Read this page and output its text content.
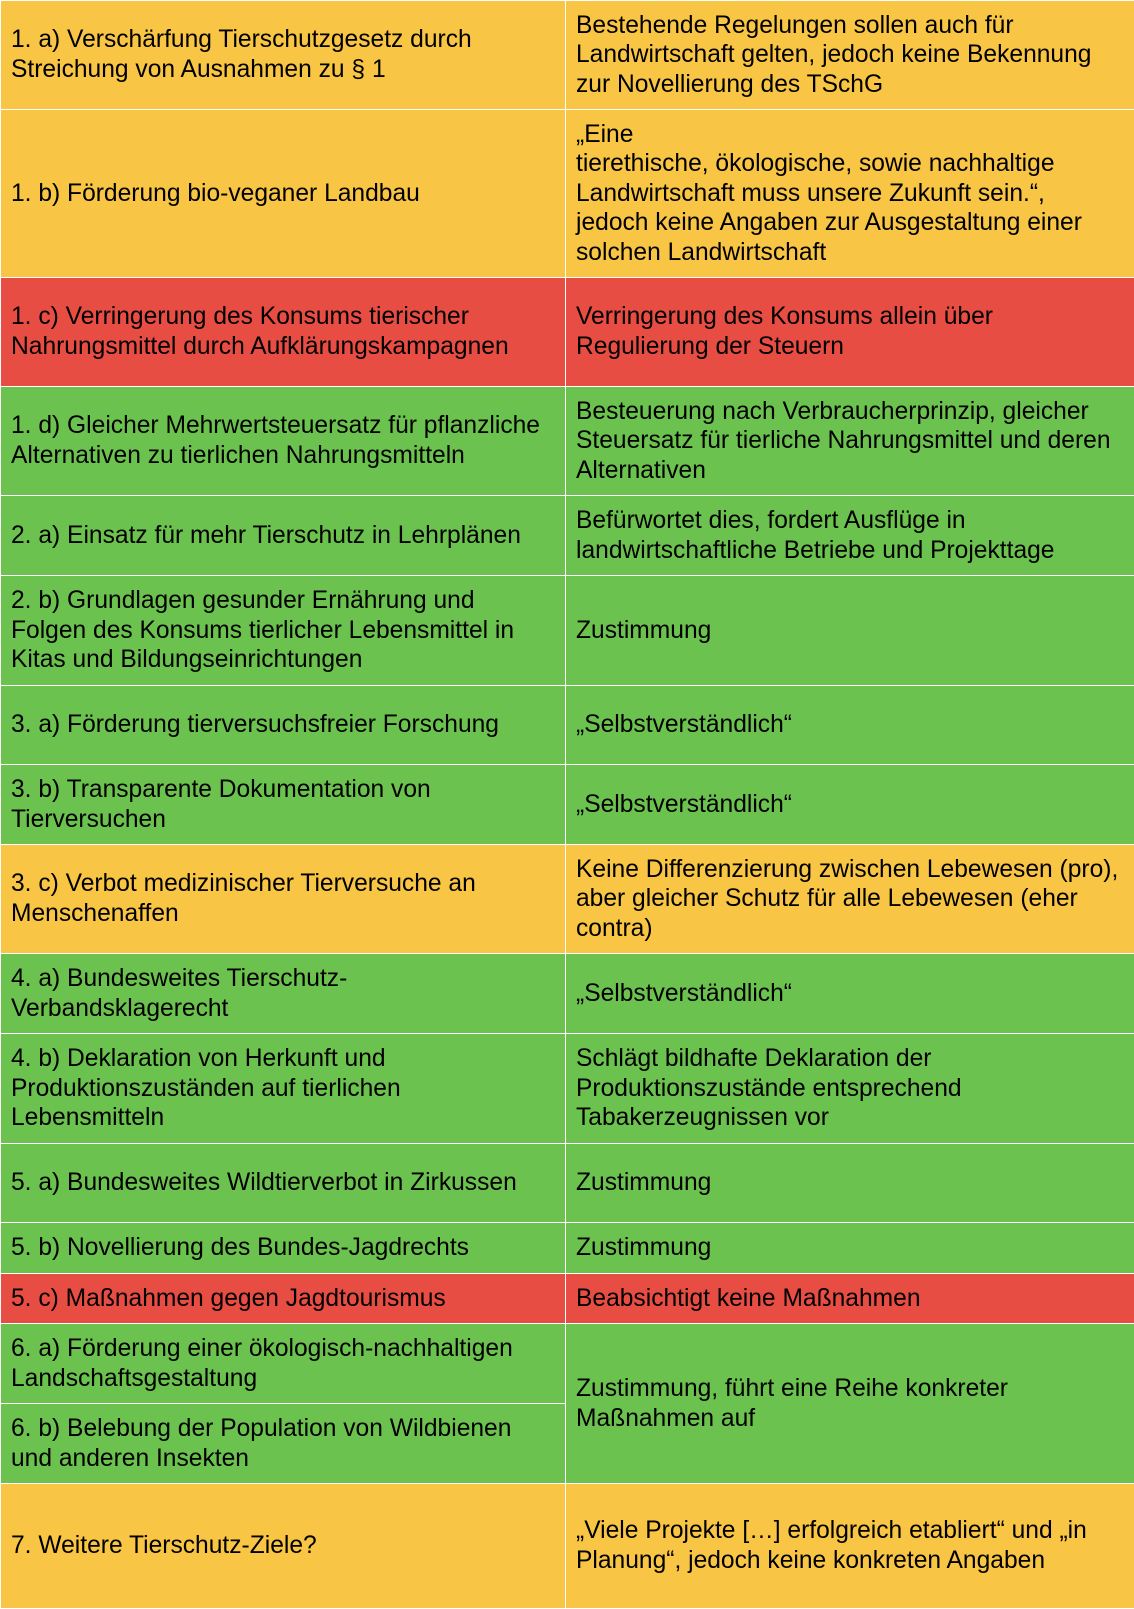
1. a) Verschärfung Tierschutzgesetz durch Streichung von Ausnahmen zu § 1	Bestehende Regelungen sollen auch für Landwirtschaft gelten, jedoch keine Bekennung zur Novellierung des TSchG
1. b) Förderung bio-veganer Landbau	„Eine
tierethische, ökologische, sowie nachhaltige Landwirtschaft muss unsere Zukunft sein.“, jedoch keine Angaben zur Ausgestaltung einer solchen Landwirtschaft
1. c) Verringerung des Konsums tierischer Nahrungsmittel durch Aufklärungskampagnen	Verringerung des Konsums allein über Regulierung der Steuern
1. d) Gleicher Mehrwertsteuersatz für pflanzliche Alternativen zu tierlichen Nahrungsmitteln	Besteuerung nach Verbraucherprinzip, gleicher Steuersatz für tierliche Nahrungsmittel und deren Alternativen
2. a) Einsatz für mehr Tierschutz in Lehrplänen	Befürwortet dies, fordert Ausflüge in landwirtschaftliche Betriebe und Projekttage
2. b) Grundlagen gesunder Ernährung und Folgen des Konsums tierlicher Lebensmittel in Kitas und Bildungseinrichtungen	Zustimmung
3. a) Förderung tierversuchsfreier Forschung	„Selbstverständlich“
3. b) Transparente Dokumentation von Tierversuchen	„Selbstverständlich“
3. c) Verbot medizinischer Tierversuche an Menschenaffen	Keine Differenzierung zwischen Lebewesen (pro), aber gleicher Schutz für alle Lebewesen (eher contra)
4. a) Bundesweites Tierschutz-Verbandsklagerecht	„Selbstverständlich“
4. b) Deklaration von Herkunft und Produktionszuständen auf tierlichen Lebensmitteln	Schlägt bildhafte Deklaration der Produktionszustände entsprechend Tabakerzeugnissen vor
5. a) Bundesweites Wildtierverbot in Zirkussen	Zustimmung
5. b) Novellierung des Bundes-Jagdrechts	Zustimmung
5. c) Maßnahmen gegen Jagdtourismus	Beabsichtigt keine Maßnahmen
6. a) Förderung einer ökologisch-nachhaltigen Landschaftsgestaltung	Zustimmung, führt eine Reihe konkreter Maßnahmen auf
6. b) Belebung der Population von Wildbienen und anderen Insekten	
7. Weitere Tierschutz-Ziele?	„Viele Projekte […] erfolgreich etabliert“ und „in Planung“, jedoch keine konkreten Angaben
